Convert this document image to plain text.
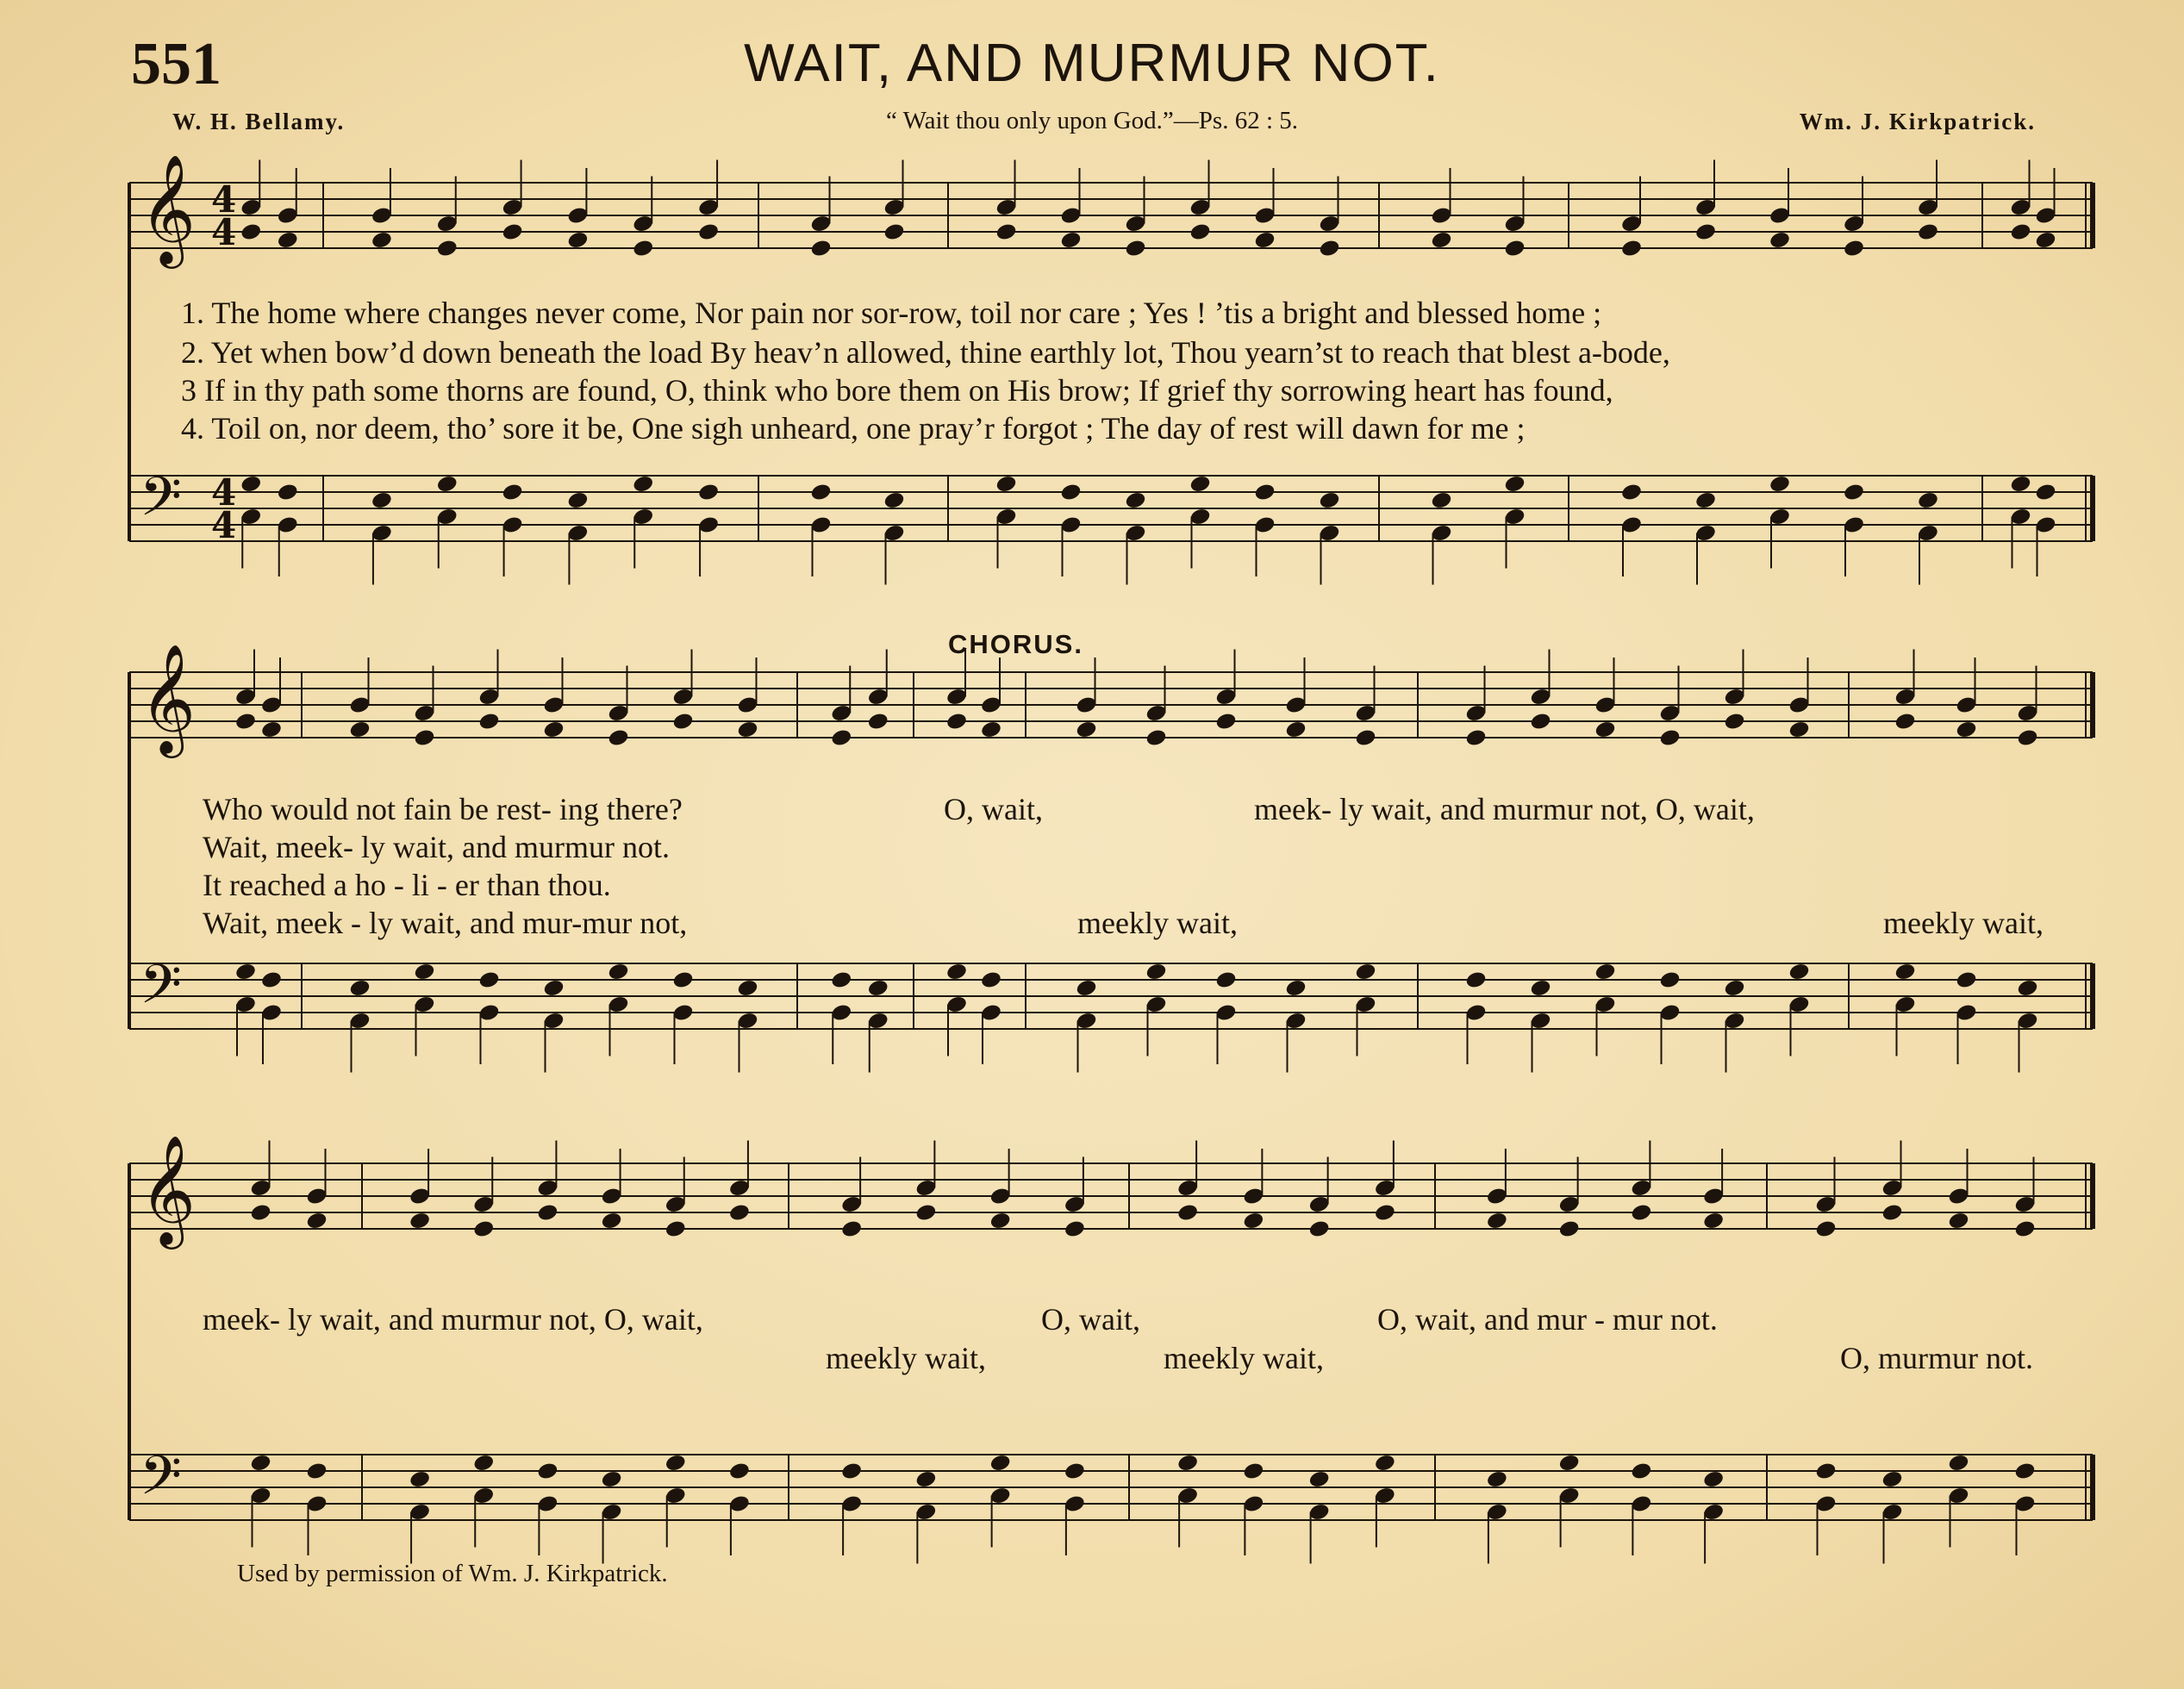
551	WAIT, AND MURMUR NOT.
W. H. Bellamy.	“ Wait thou only upon God.”—Ps. 62 : 5.	Wm. J. Kirkpatrick.
𝄞
𝄢
𝄞
𝄢
𝄞
𝄢
4
4
4
4
1. The home where changes never come, Nor pain nor sor-row, toil nor care ; Yes ! ’tis a bright and blessed home ;
2. Yet when bow’d down beneath the load By heav’n allowed, thine earthly lot, Thou yearn’st to reach that blest a-bode,
3 If in thy path some thorns are found, O, think who bore them on His brow; If grief thy sorrowing heart has found,
4. Toil on, nor deem, tho’ sore it be, One sigh unheard, one pray’r forgot ; The day of rest will dawn for me ;
CHORUS.
Who would not fain be rest- ing there?
Wait, meek- ly wait, and murmur not.
It reached a ho - li - er than thou.
Wait, meek - ly wait, and mur-mur not,
O, wait,	meek- ly wait, and murmur not, O, wait,
meekly wait,	meekly wait,
meek- ly wait, and murmur not, O, wait,	O, wait,	O, wait, and mur - mur not.
meekly wait,	meekly wait,	O, murmur not.
Used by permission of Wm. J. Kirkpatrick.
